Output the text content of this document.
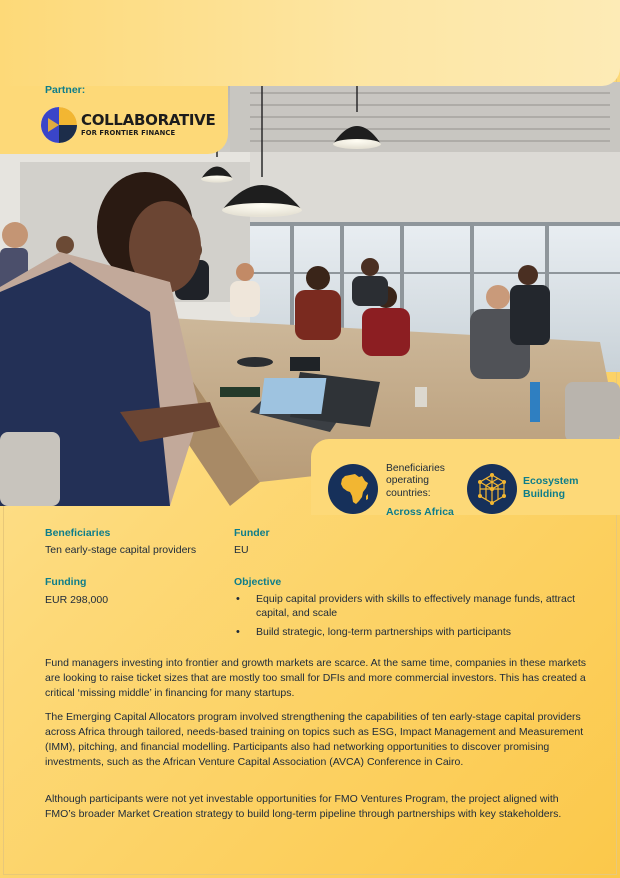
Partner:
COLLABORATIVE
FOR FRONTIER FINANCE
Beneficiaries
operating
countries:
Across Africa
Ecosystem
Building
Beneficiaries
Ten early-stage capital providers
Funder
EU
Funding
EUR 298,000
Objective
• Equip capital providers with skills to effectively manage funds, attract capital, and scale
• Build strategic, long-term partnerships with participants

Fund managers investing into frontier and growth markets are scarce. At the same time, companies in these markets are looking to raise ticket sizes that are mostly too small for DFIs and more commercial investors. This has created a critical ‘missing middle’ in financing for many startups.

The Emerging Capital Allocators program involved strengthening the capabilities of ten early-stage capital providers across Africa through tailored, needs-based training on topics such as ESG, Impact Management and Measurement (IMM), pitching, and financial modelling. Participants also had networking opportunities to discover promising investments, such as the African Venture Capital Association (AVCA) Conference in Cairo.

Although participants were not yet investable opportunities for FMO Ventures Program, the project aligned with FMO’s broader Market Creation strategy to build long-term pipeline through partnerships with key stakeholders.
